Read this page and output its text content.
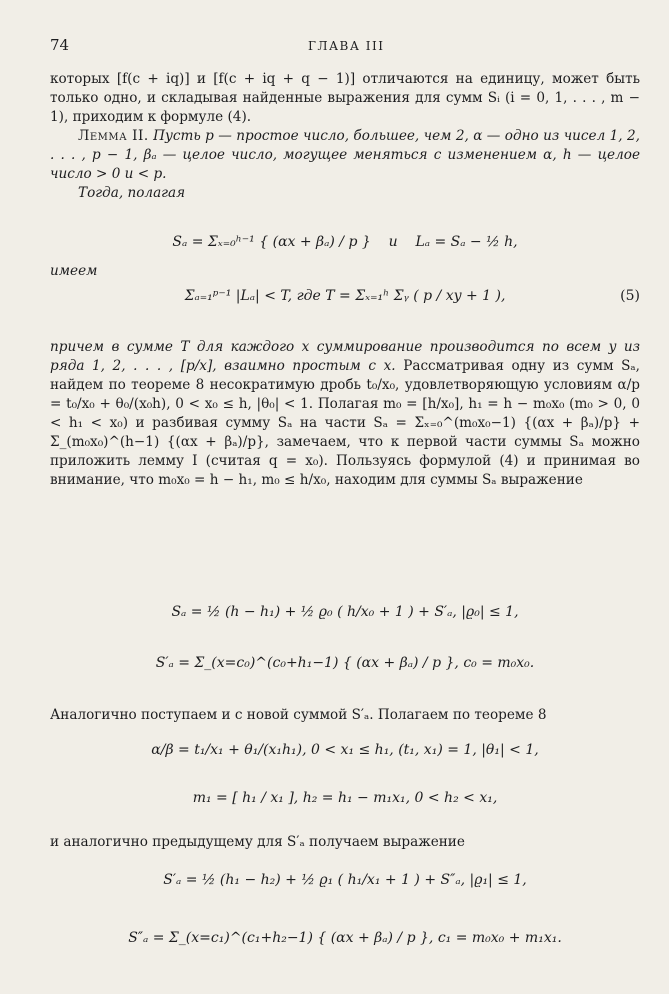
74	ГЛАВА III

которых [f(c + iq)] и [f(c + iq + q − 1)] отличаются на единицу, может быть только одно, и складывая найденные выражения для сумм Sᵢ (i = 0, 1, . . . , m − 1), приходим к формуле (4).

Лемма II. Пусть p — простое число, большее, чем 2, α — одно из чисел 1, 2, . . . , p − 1, βₐ — целое число, могущее меняться с изменением α, h — целое число > 0 и < p.

Тогда, полагая

Sₐ = Σₓ₌₀ʰ⁻¹ { (αx + βₐ) / p } и Lₐ = Sₐ − ½ h,
имеем
Σₐ₌₁ᵖ⁻¹ |Lₐ| < T, где T = Σₓ₌₁ʰ Σᵧ ( p / xy + 1 ),	(5)

причем в сумме T для каждого x суммирование производится по всем y из ряда 1, 2, . . . , [p/x], взаимно простым с x. Рассматривая одну из сумм Sₐ, найдем по теореме 8 несократимую дробь t₀/x₀, удовлетворяющую условиям α/p = t₀/x₀ + θ₀/(x₀h), 0 < x₀ ≤ h, |θ₀| < 1. Полагая m₀ = [h/x₀], h₁ = h − m₀x₀ (m₀ > 0, 0 < h₁ < x₀) и разбивая сумму Sₐ на части Sₐ = Σₓ₌₀^(m₀x₀−1) {(αx + βₐ)/p} + Σ_(m₀x₀)^(h−1) {(αx + βₐ)/p}, замечаем, что к первой части суммы Sₐ можно приложить лемму I (считая q = x₀). Пользуясь формулой (4) и принимая во внимание, что m₀x₀ = h − h₁, m₀ ≤ h/x₀, находим для суммы Sₐ выражение

Sₐ = ½ (h − h₁) + ½ ϱ₀ ( h/x₀ + 1 ) + S′ₐ, |ϱ₀| ≤ 1,
S′ₐ = Σ_(x=c₀)^(c₀+h₁−1) { (αx + βₐ) / p }, c₀ = m₀x₀.
Аналогично поступаем и с новой суммой S′ₐ. Полагаем по теореме 8
α/β = t₁/x₁ + θ₁/(x₁h₁), 0 < x₁ ≤ h₁, (t₁, x₁) = 1, |θ₁| < 1,
m₁ = [ h₁ / x₁ ], h₂ = h₁ − m₁x₁, 0 < h₂ < x₁,
и аналогично предыдущему для S′ₐ получаем выражение
S′ₐ = ½ (h₁ − h₂) + ½ ϱ₁ ( h₁/x₁ + 1 ) + S″ₐ, |ϱ₁| ≤ 1,
S″ₐ = Σ_(x=c₁)^(c₁+h₂−1) { (αx + βₐ) / p }, c₁ = m₀x₀ + m₁x₁.
